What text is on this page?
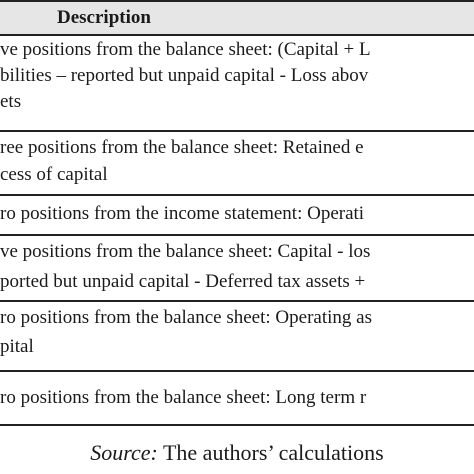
Description
ve positions from the balance sheet: (Capital + L
bilities – reported but unpaid capital - Loss abov
ets
ree positions from the balance sheet: Retained e
cess of capital
ro positions from the income statement: Operati
ve positions from the balance sheet: Capital - los
ported but unpaid capital - Deferred tax assets +
ro positions from the balance sheet: Operating as
pital
ro positions from the balance sheet: Long term r
Source: The authors’ calculations
